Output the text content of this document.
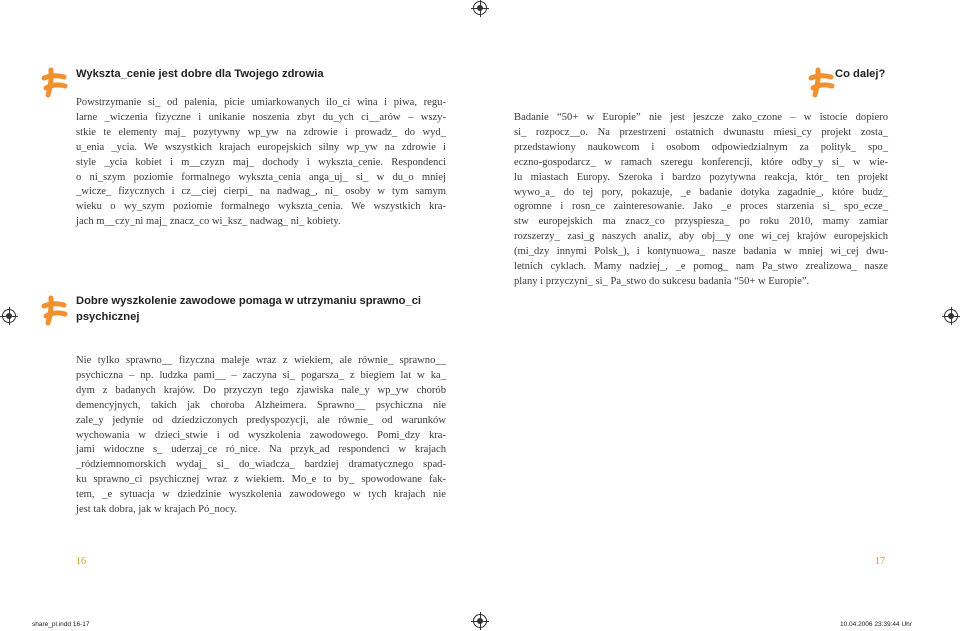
Wyksztа_cenie jest dobre dla Twojego zdrowia
Powstrzymanie si_ od palenia, picie umiarkowanych ilo_ci wina i piwa, regu-
larne _wiczenia fizyczne i unikanie noszenia zbyt du_ych ci__arów – wszy-
stkie te elementy maj_ pozytywny wp_yw na zdrowie i prowadz_ do wyd_
u_enia _ycia. We wszystkich krajach europejskich silny wp_yw na zdrowie i
style _ycia kobiet i m__czyzn maj_ dochody i wykszta_cenie. Respondenci
o ni_szym poziomie formalnego wykszta_cenia anga_uj_ si_ w du_o mniej
_wicze_ fizycznych i cz__ciej cierpi_ na nadwag_, ni_ osoby w tym samym
wieku o wy_szym poziomie formalnego wykszta_cenia. We wszystkich kra-
jach m__czy_ni maj_ znacz_co wi_ksz_ nadwag_ ni_ kobiety.
Dobre wyszkolenie zawodowe pomaga w utrzymaniu sprawno_ci
psychicznej
Nie tylko sprawno__ fizyczna maleje wraz z wiekiem, ale równie_ sprawno__
psychiczna – np. ludzka pami__ – zaczyna si_ pogarsza_ z biegiem lat w ka_
dym z badanych krajów. Do przyczyn tego zjawiska nale_y wp_yw chorób
demencyjnych, takich jak choroba Alzheimera. Sprawno__ psychiczna nie
zale_y jedynie od dziedziczonych predyspozycji, ale równie_ od warunków
wychowania w dzieci_stwie i od wyszkolenia zawodowego. Pomi_dzy kra-
jami widoczne s_ uderzaj_ce ró_nice. Na przyk_ad respondenci w krajach
_ródziemnomorskich wydaj_ si_ do_wiadcza_ bardziej dramatycznego spad-
ku sprawno_ci psychicznej wraz z wiekiem. Mo_e to by_ spowodowane fak-
tem, _e sytuacja w dziedzinie wyszkolenia zawodowego w tych krajach nie
jest tak dobra, jak w krajach Pó_nocy.
16
Co dalej?
Badanie “50+ w Europie” nie jest jeszcze zako_czone – w istocie dopiero
si_ rozpocz__o. Na przestrzeni ostatnich dwunastu miesi_cy projekt zosta_
przedstawiony naukowcom i osobom odpowiedzialnym za polityk_ spo_
eczno-gospodarcz_ w ramach szeregu konferencji, które odby_y si_ w wie-
lu miastach Europy. Szeroka i bardzo pozytywna reakcja, któr_ ten projekt
wywo_a_ do tej pory, pokazuje, _e badanie dotyka zagadnie_, które budz_
ogromne i rosn_ce zainteresowanie. Jako _e proces starzenia si_ spo_ecze_
stw europejskich ma znacz_co przyspiesza_ po roku 2010, mamy zamiar
rozszerzy_ zasi_g naszych analiz, aby obj__y one wi_cej krajów europejskich
(mi_dzy innymi Polsk_), i kontynuowa_ nasze badania w mniej wi_cej dwu-
letnich cyklach. Mamy nadziej_, _e pomog_ nam Pa_stwo zrealizowa_ nasze
plany i przyczyni_ si_ Pa_stwo do sukcesu badania “50+ w Europie”.
17
share_pl.indd 16-17	10.04.2006 23:39:44 Uhr
